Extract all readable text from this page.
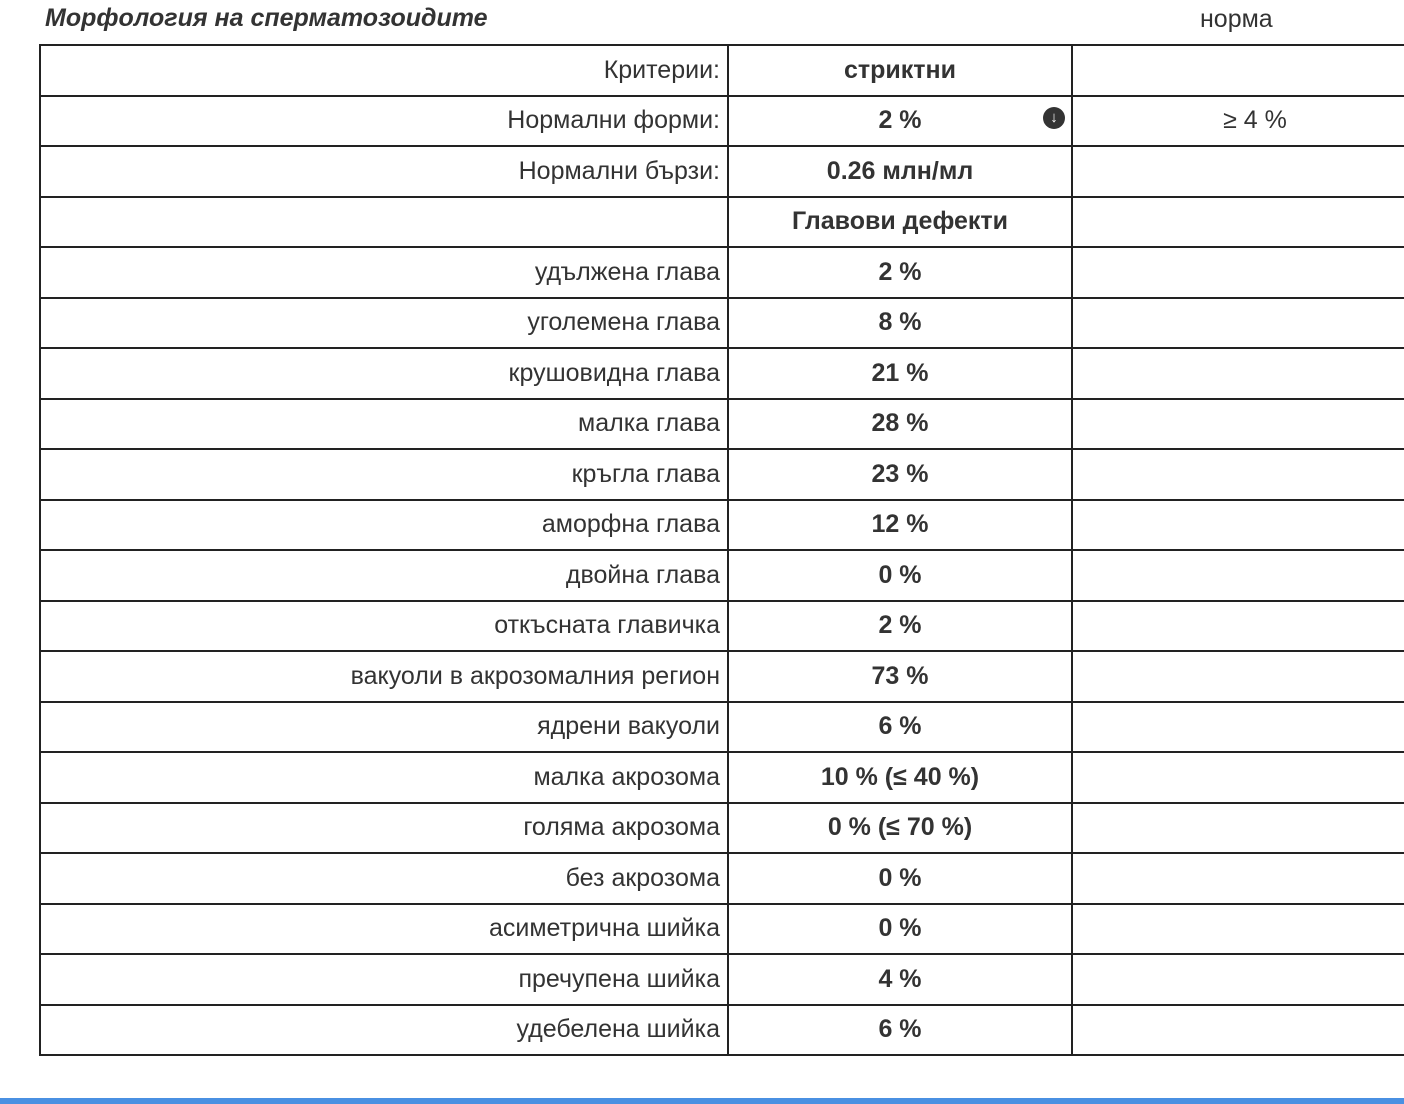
Морфология на сперматозоидите	норма
Критерии:	стриктни	
Нормални форми:	2 % ↓	≥ 4 %
Нормални бързи:	0.26 млн/мл	
	Главови дефекти	
удължена глава	2 %	
уголемена глава	8 %	
крушовидна глава	21 %	
малка глава	28 %	
кръгла глава	23 %	
аморфна глава	12 %	
двойна глава	0 %	
откъсната главичка	2 %	
вакуоли в акрозомалния регион	73 %	
ядрени вакуоли	6 %	
малка акрозома	10 % (≤ 40 %)	
голяма акрозома	0 % (≤ 70 %)	
без акрозома	0 %	
асиметрична шийка	0 %	
пречупена шийка	4 %	
удебелена шийка	6 %	
